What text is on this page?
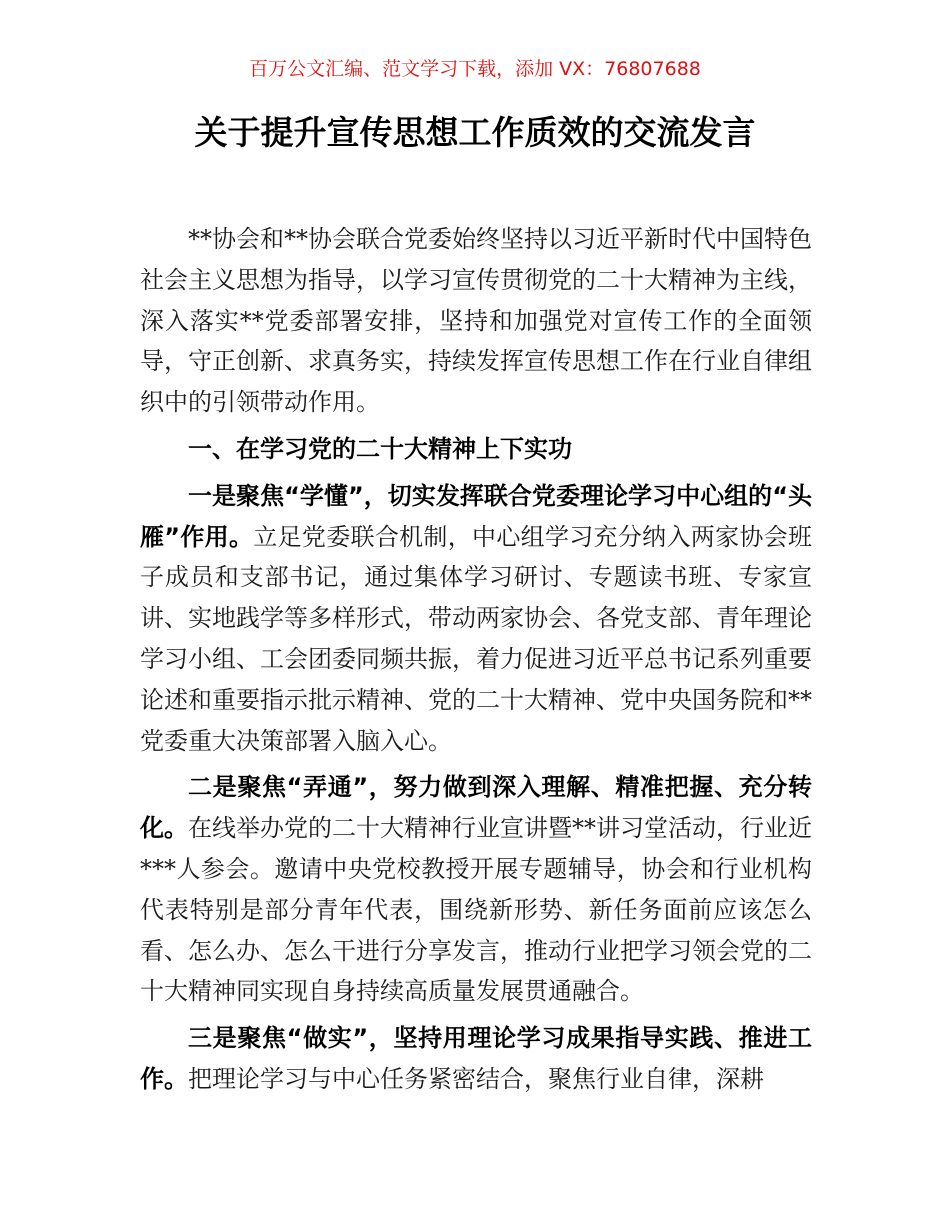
百万公文汇编、范文学习下载，添加 VX：76807688
关于提升宣传思想工作质效的交流发言

**协会和**协会联合党委始终坚持以习近平新时代中国特色社会主义思想为指导，以学习宣传贯彻党的二十大精神为主线，深入落实**党委部署安排，坚持和加强党对宣传工作的全面领导，守正创新、求真务实，持续发挥宣传思想工作在行业自律组织中的引领带动作用。

一、在学习党的二十大精神上下实功

一是聚焦“学懂”，切实发挥联合党委理论学习中心组的“头雁”作用。立足党委联合机制，中心组学习充分纳入两家协会班子成员和支部书记，通过集体学习研讨、专题读书班、专家宣讲、实地践学等多样形式，带动两家协会、各党支部、青年理论学习小组、工会团委同频共振，着力促进习近平总书记系列重要论述和重要指示批示精神、党的二十大精神、党中央国务院和**党委重大决策部署入脑入心。

二是聚焦“弄通”，努力做到深入理解、精准把握、充分转化。在线举办党的二十大精神行业宣讲暨**讲习堂活动，行业近***人参会。邀请中央党校教授开展专题辅导，协会和行业机构代表特别是部分青年代表，围绕新形势、新任务面前应该怎么看、怎么办、怎么干进行分享发言，推动行业把学习领会党的二十大精神同实现自身持续高质量发展贯通融合。

三是聚焦“做实”，坚持用理论学习成果指导实践、推进工作。把理论学习与中心任务紧密结合，聚焦行业自律，深耕
